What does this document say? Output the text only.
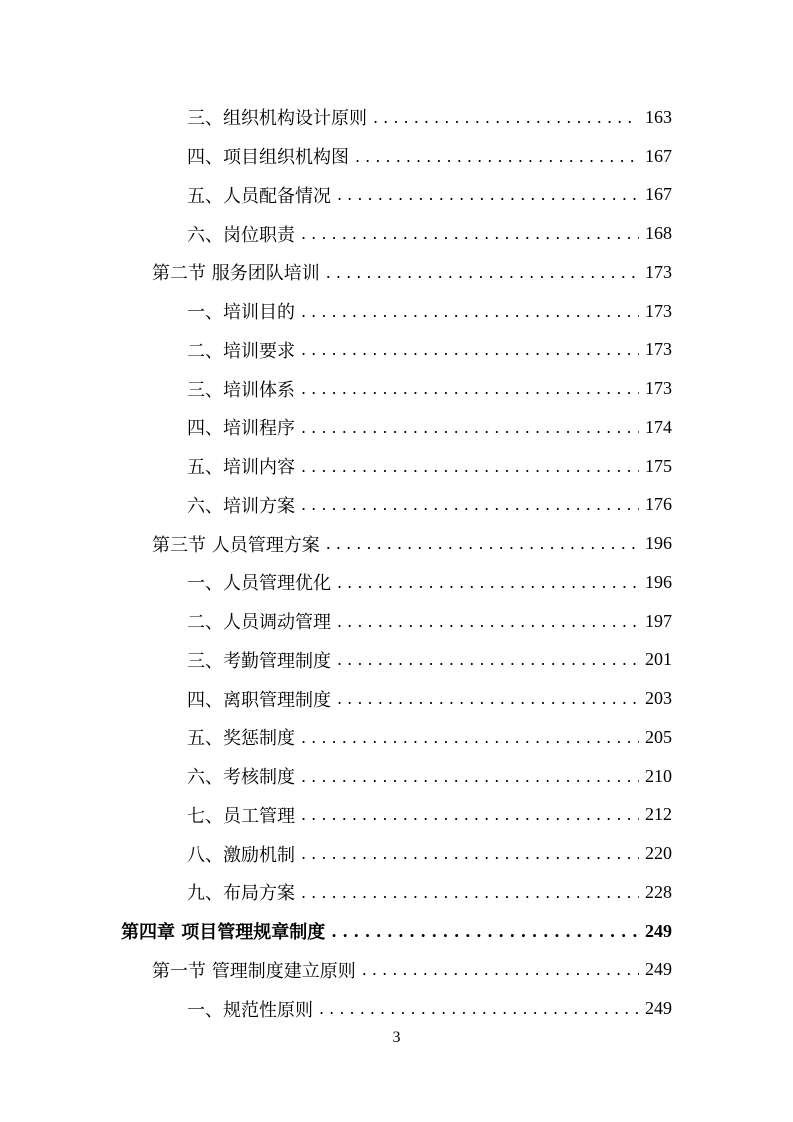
三、组织机构设计原则 . . .	163
四、项目组织机构图 . . .	167
五、人员配备情况 . . .	167
六、岗位职责 . . .	168
第二节 服务团队培训 . . .	173
一、培训目的 . . .	173
二、培训要求 . . .	173
三、培训体系 . . .	173
四、培训程序 . . .	174
五、培训内容 . . .	175
六、培训方案 . . .	176
第三节 人员管理方案 . . .	196
一、人员管理优化 . . .	196
二、人员调动管理 . . .	197
三、考勤管理制度 . . .	201
四、离职管理制度 . . .	203
五、奖惩制度 . . .	205
六、考核制度 . . .	210
七、员工管理 . . .	212
八、激励机制 . . .	220
九、布局方案 . . .	228
第四章 项目管理规章制度 . . .	249
第一节 管理制度建立原则 . . .	249
一、规范性原则 . . .	249
3
